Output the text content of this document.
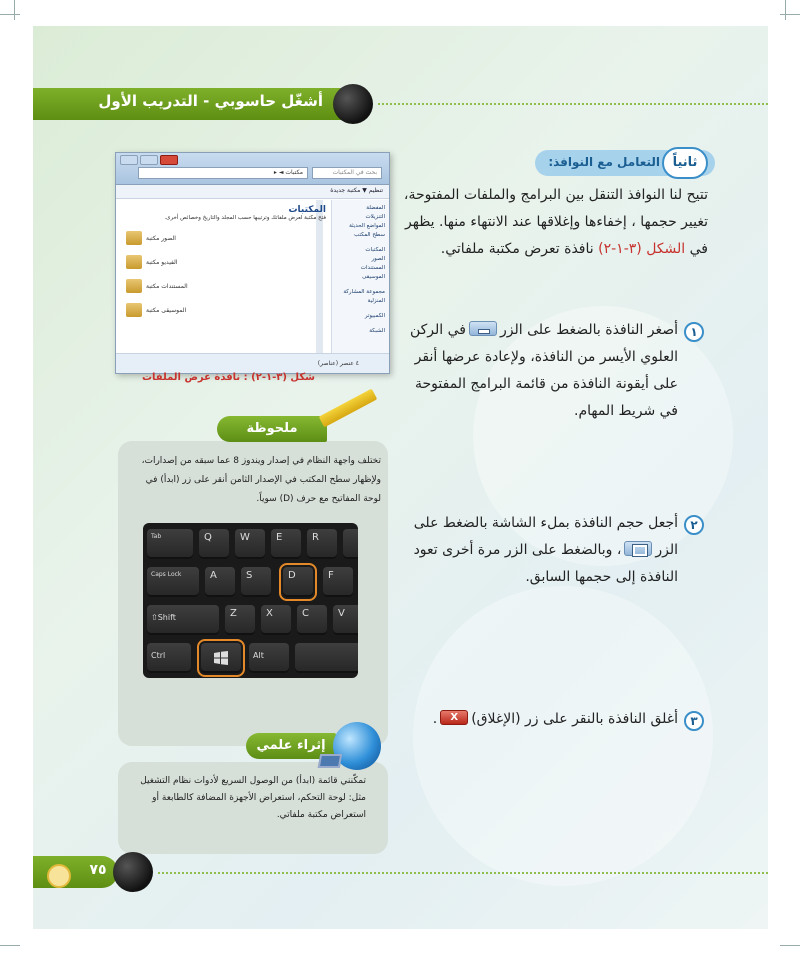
أشغّل حاسوبي - التدريب الأول
بحث في المكتبات
مكتبات ◄ ▸
تنظيم ▼ مكتبة جديدة
المفضلة
التنزيلات
المواضع الحديثة
سطح المكتب
المكتبات
الصور
المستندات
الموسيقى
مجموعة المشاركة المنزلية
الكمبيوتر
الشبكة
المكتبات
فتح مكتبة لعرض ملفاتك وترتيبها حسب المجلد والتاريخ وخصائص أخرى.
الصور مكتبة
الفيديو مكتبة
المستندات مكتبة
الموسيقى مكتبة
٤ عنصر (عناصر)
شكل (٣-١-٢) : نافذة عرض الملفات
ملحوظة
تختلف واجهة النظام في إصدار ويندوز 8 عما سبقه من إصدارات، ولإظهار سطح المكتب في الإصدار الثامن أنقر على زر (ابدأ) في لوحة المفاتيح مع حرف (D) سوياً.
Tab	Q	W	E	R
Caps Lock	A	S	D	F
⇧Shift	Z	X	C	V
Ctrl	Alt
إثراء علمي
تمكّنني قائمة (ابدأ) من الوصول السريع لأدوات نظام التشغيل مثل: لوحة التحكم، استعراض الأجهزة المضافة كالطابعة أو استعراض مكتبة ملفاتي.
ثانياً
التعامل مع النوافذ:
تتيح لنا النوافذ التنقل بين البرامج والملفات المفتوحة، تغيير حجمها ، إخفاءها وإغلاقها عند الانتهاء منها. يظهر في الشكل (٣-١-٢) نافذة تعرض مكتبة ملفاتي.
١
أصغر النافذة بالضغط على الزرفي الركن العلوي الأيسر من النافذة، ولإعادة عرضها أنقر على أيقونة النافذة من قائمة البرامج المفتوحة في شريط المهام.
٢
أجعل حجم النافذة بملء الشاشة بالضغط على الزر، وبالضغط على الزر مرة أخرى تعود النافذة إلى حجمها السابق.
٣
أغلق النافذة بالنقر على زر (الإغلاق)X.
٧٥
